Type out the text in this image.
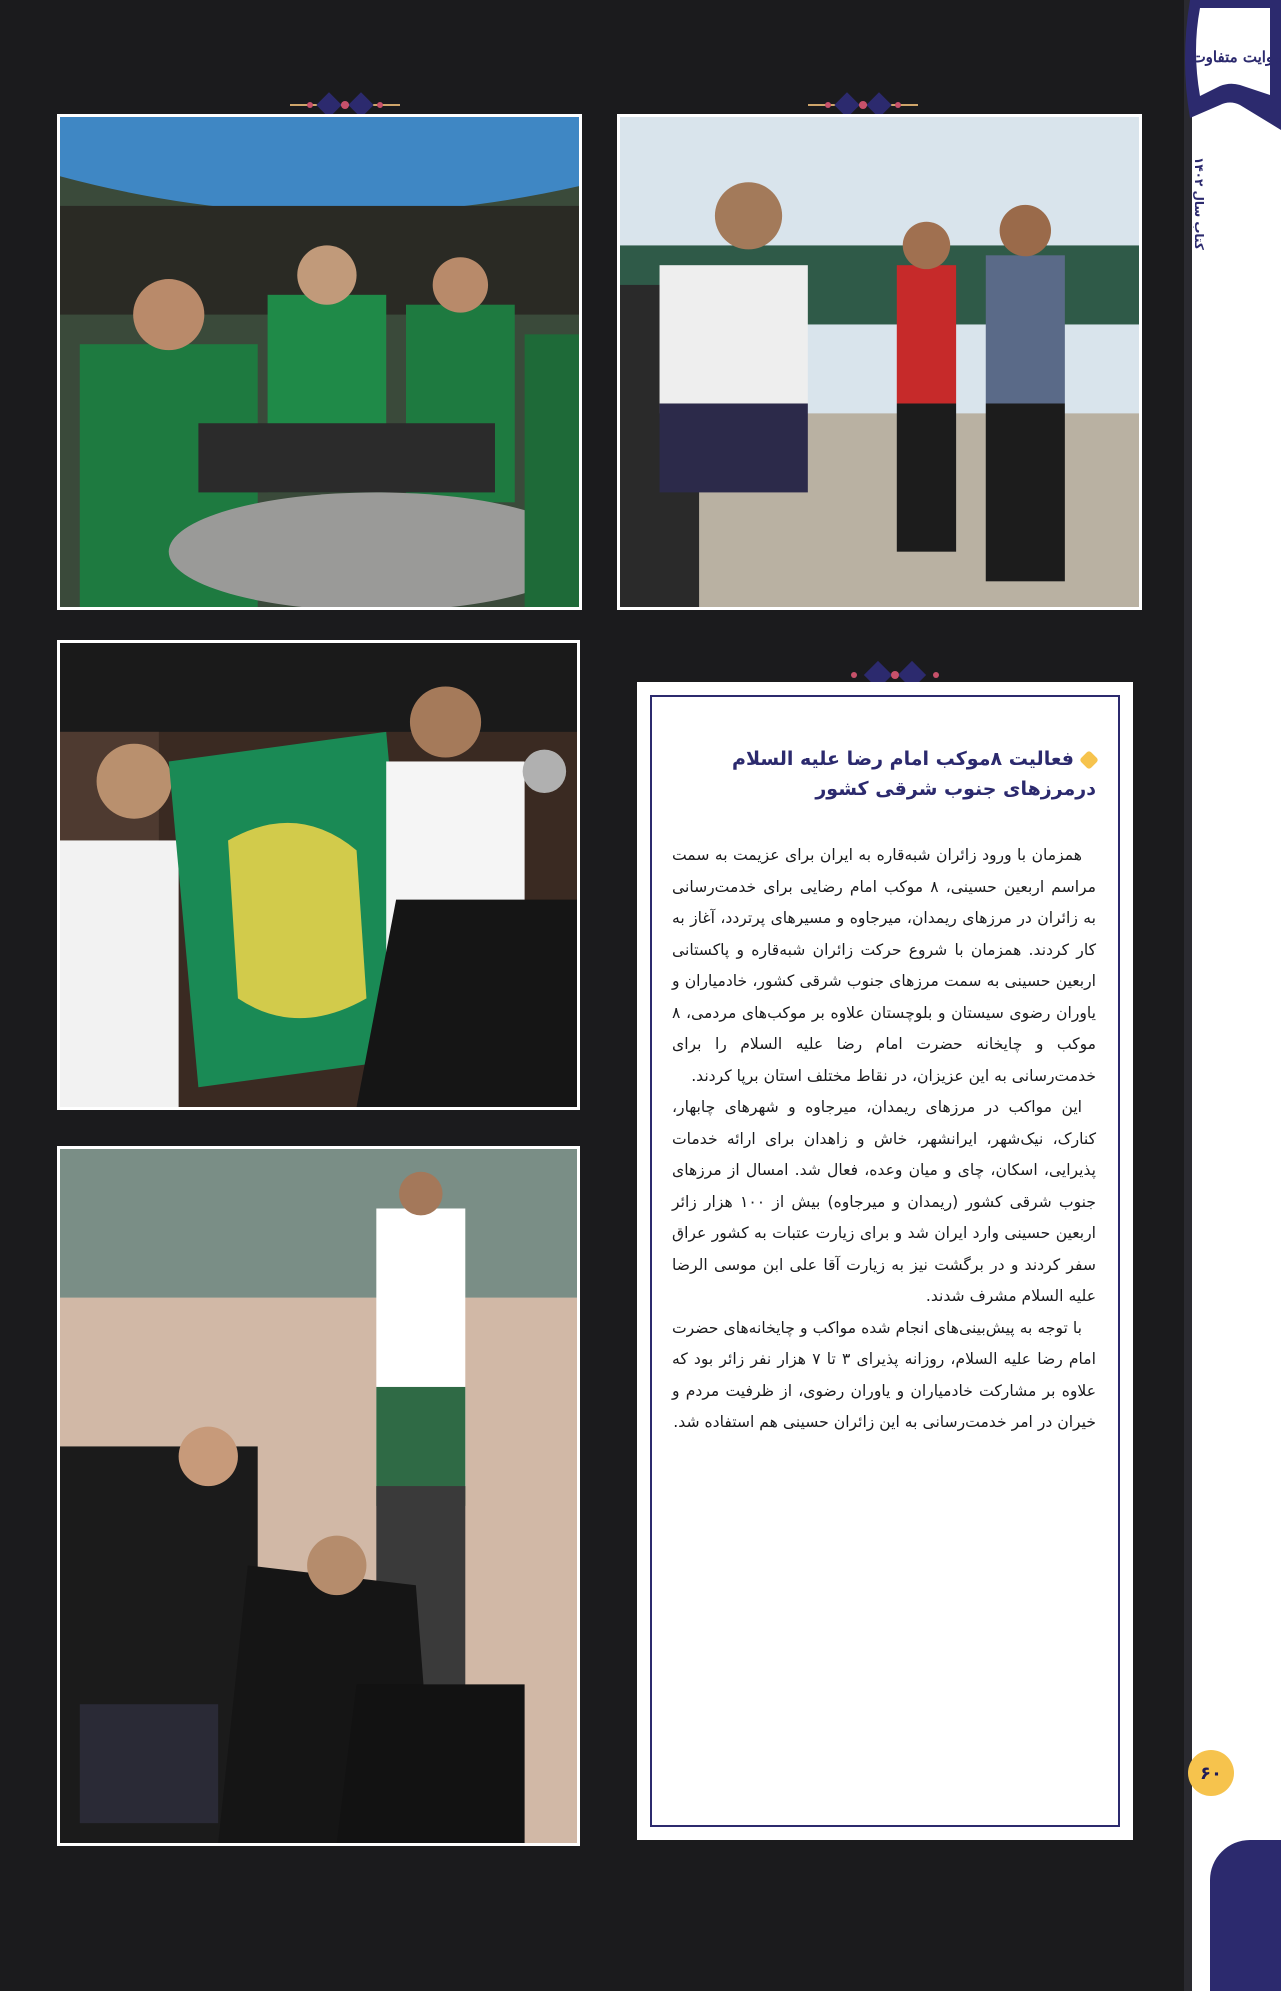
روایت متفاوت
کتاب سال ۱۴۰۲
۶۰
فعالیت ۸موکب امام رضا علیه السلام درمرزهای جنوب شرقی کشور

همزمان با ورود زائران شبه‌قاره به ایران برای عزیمت به سمت مراسم اربعین حسینی، ۸ موکب امام رضایی برای خدمت‌رسانی به زائران در مرزهای ریمدان، میرجاوه و مسیرهای پرتردد، آغاز به کار کردند. همزمان با شروع حرکت زائران شبه‌قاره و پاکستانی اربعین حسینی به سمت مرزهای جنوب شرقی کشور، خادمیاران و یاوران رضوی سیستان و بلوچستان علاوه بر موکب‌های مردمی، ۸ موکب و چایخانه حضرت امام رضا علیه السلام را برای خدمت‌رسانی به این عزیزان، در نقاط مختلف استان برپا کردند.

این مواکب در مرزهای ریمدان، میرجاوه و شهرهای چابهار، کنارک، نیک‌شهر، ایرانشهر، خاش و زاهدان برای ارائه خدمات پذیرایی، اسکان، چای و میان وعده، فعال شد. امسال از مرزهای جنوب شرقی کشور (ریمدان و میرجاوه) بیش از ۱۰۰ هزار زائر اربعین حسینی وارد ایران شد و برای زیارت عتبات به کشور عراق سفر کردند و در برگشت نیز به زیارت آقا علی ابن موسی الرضا علیه السلام مشرف شدند.

با توجه به پیش‌بینی‌های انجام شده مواکب و چایخانه‌های حضرت امام رضا علیه السلام، روزانه پذیرای ۳ تا ۷ هزار نفر زائر بود که علاوه بر مشارکت خادمیاران و یاوران رضوی، از ظرفیت مردم و خیران در امر خدمت‌رسانی به این زائران حسینی هم استفاده شد.
